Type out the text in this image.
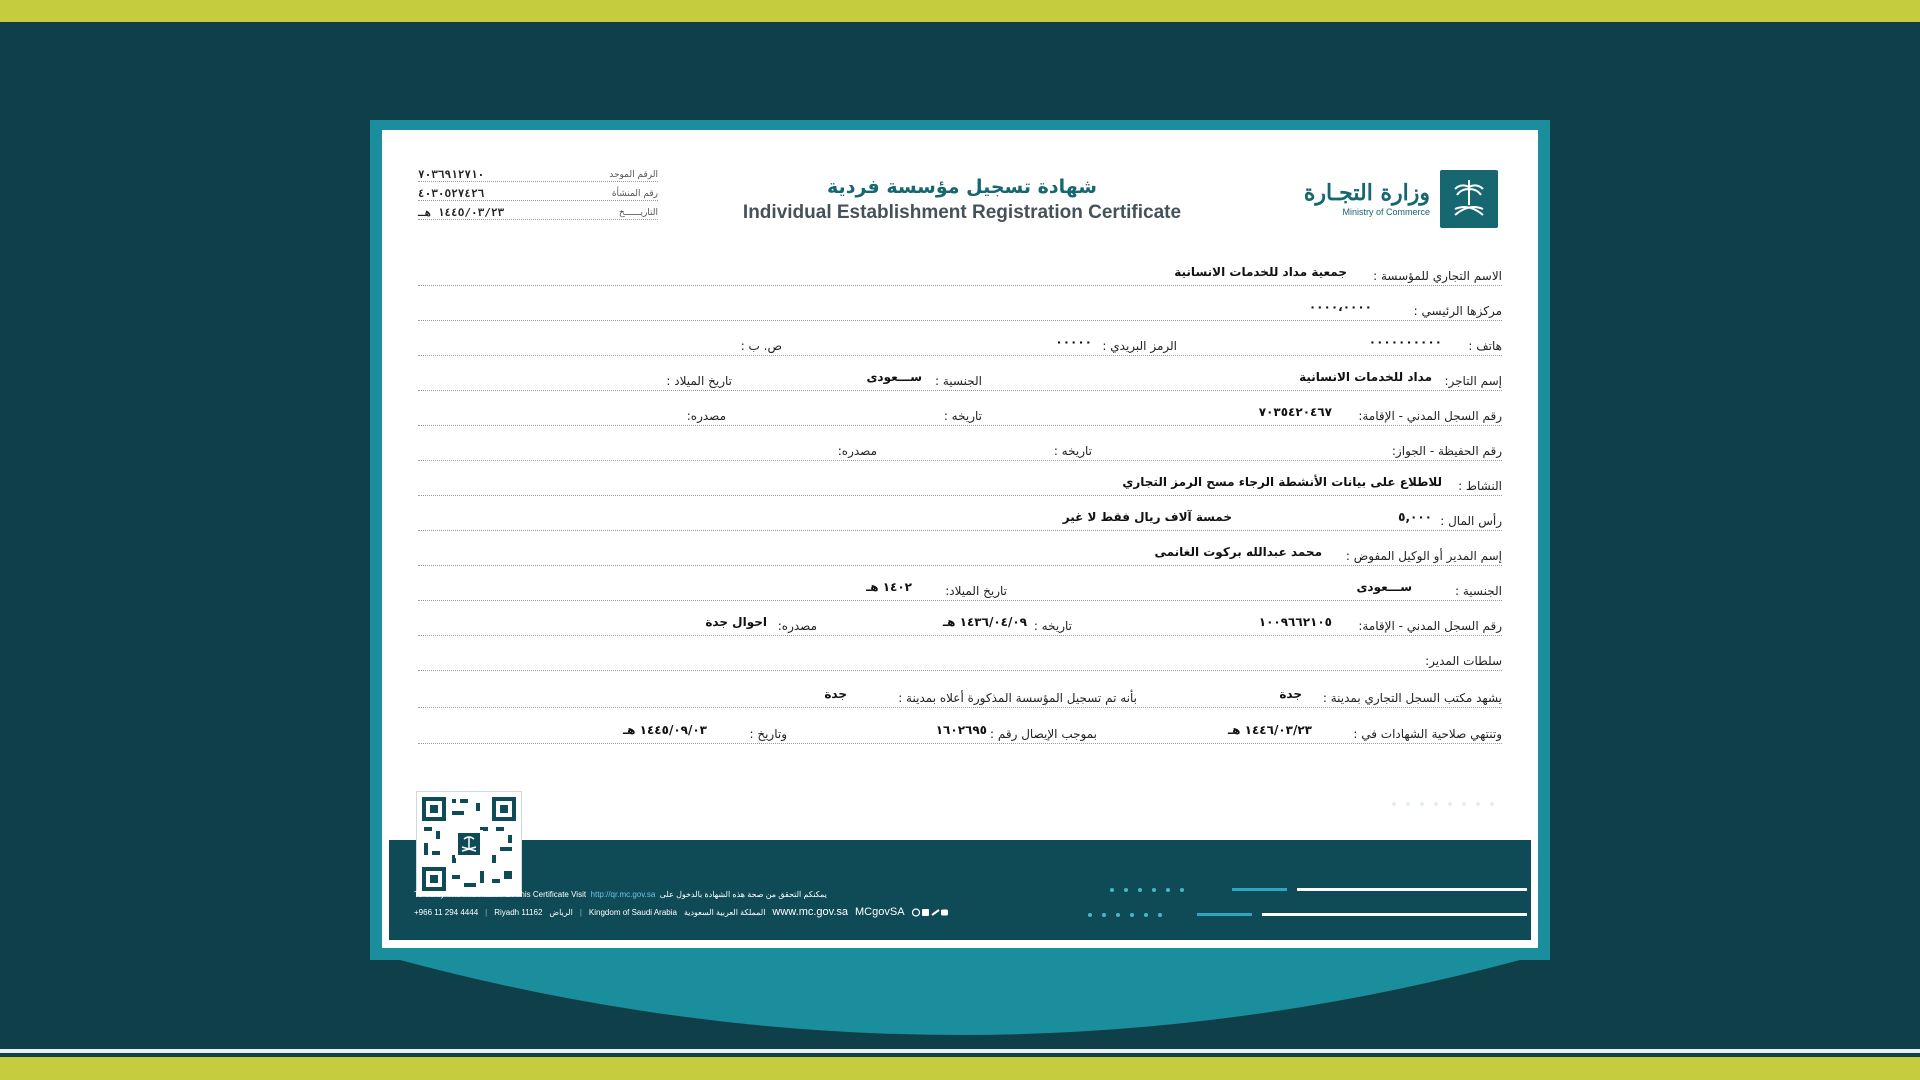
· · · · · ·
وزارة التجـارة
Ministry of Commerce
شهادة تسجيل مؤسسة فردية
Individual Establishment Registration Certificate
الرقم الموحد
٧٠٣٦٩١٢٧١٠
رقم المنشأة
٤٠٣٠٥٢٧٤٢٦
التاريــــــخ
١٤٤٥/٠٣/٢٣ هـ
الاسم التجاري للمؤسسة :
جمعية مداد للخدمات الانسانية
مركزها الرئيسي :
٠٠٠٠،٠٠٠٠
هاتف :
٠٠٠٠٠٠٠٠٠٠
الرمز البريدي :
٠٠٠٠٠
ص. ب :
إسم التاجر:
مداد للخدمات الانسانية
الجنسية :
ســـعودى
تاريخ الميلاد :
رقم السجل المدني - الإقامة:
٧٠٣٥٤٢٠٤٦٧
تاريخه :
مصدره:
رقم الحفيظة - الجواز:
تاريخه :
مصدره:
النشاط :
للاطلاع على بيانات الأنشطة الرجاء مسح الرمز التجاري
رأس المال :
٥,٠٠٠
خمسة آلاف ريال فقط لا غير
إسم المدير أو الوكيل المفوض :
محمد عبدالله بركوت الغانمى
الجنسية :
ســـعودى
تاريخ الميلاد:
١٤٠٢ هـ
رقم السجل المدني - الإقامة:
١٠٠٩٦٦٢١٠٥
تاريخه :
١٤٣٦/٠٤/٠٩ هـ
مصدره:
احوال جدة
سلطات المدير:
يشهد مكتب السجل التجاري بمدينة :
جدة
بأنه تم تسجيل المؤسسة المذكورة أعلاه بمدينة :
جدة
وتنتهي صلاحية الشهادات في :
١٤٤٦/٠٣/٢٣ هـ
بموجب الإيصال رقم :
١٦٠٢٦٩٥
وتاريخ :
١٤٤٥/٠٩/٠٣ هـ
To Verify The Information Of This Certificate Visit http://qr.mc.gov.sa يمكنكم التحقق من صحة هذه الشهادة بالدخول على
+966 11 294 4444 | Riyadh 11162 الرياض | Kingdom of Saudi Arabia المملكة العربية السعودية www.mc.gov.sa MCgovSA
